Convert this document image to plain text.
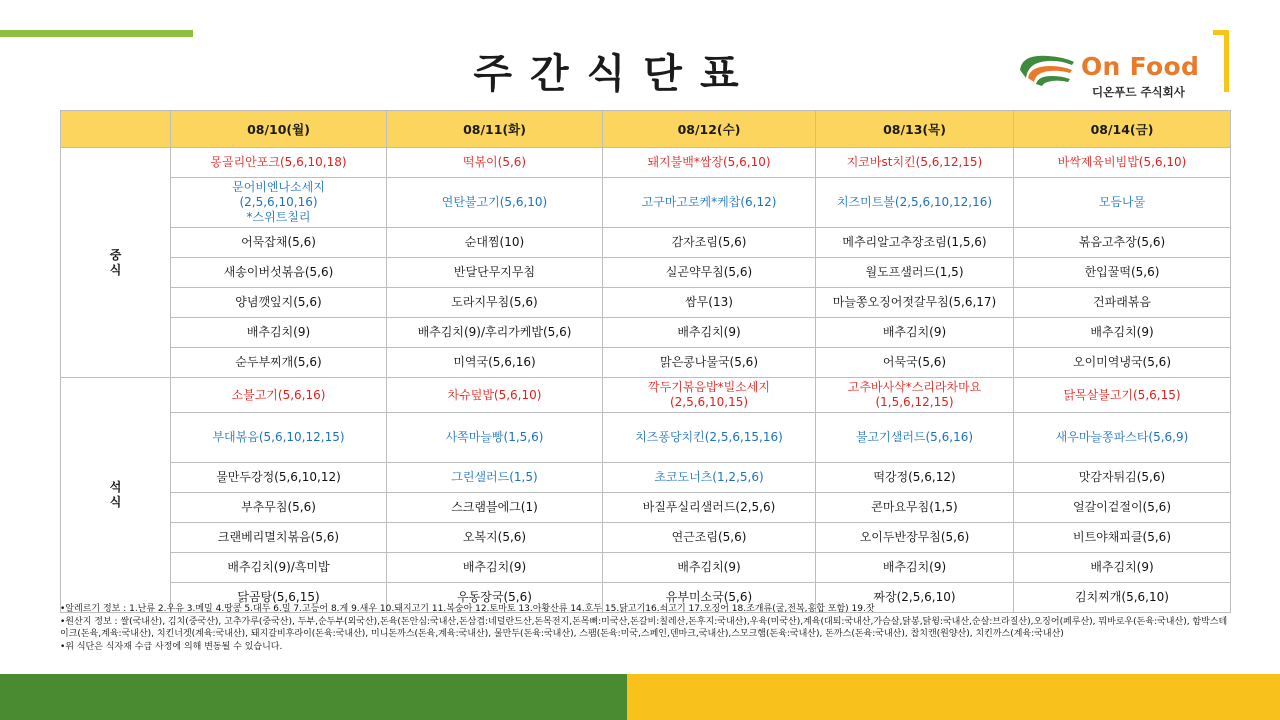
주간식단표	On Food
디온푸드 주식회사
	08/10(월)	08/11(화)	08/12(수)	08/13(목)	08/14(금)
중식	몽골리안포크(5,6,10,18)	떡볶이(5,6)	돼지불백*쌈장(5,6,10)	지코바st치킨(5,6,12,15)	바싹제육비빔밥(5,6,10)
	문어비엔나소세지
(2,5,6,10,16)
*스위트칠리	연탄불고기(5,6,10)	고구마고로케*케찹(6,12)	치즈미트볼(2,5,6,10,12,16)	모듬나물
	어묵잡채(5,6)	순대찜(10)	감자조림(5,6)	메추리알고추장조림(1,5,6)	볶음고추장(5,6)
	새송이버섯볶음(5,6)	반달단무지무침	실곤약무침(5,6)	월도프샐러드(1,5)	한입꿀떡(5,6)
	양념깻잎지(5,6)	도라지무침(5,6)	쌈무(13)	마늘쫑오징어젓갈무침(5,6,17)	건파래볶음
	배추김치(9)	배추김치(9)/후리가케밥(5,6)	배추김치(9)	배추김치(9)	배추김치(9)
	순두부찌개(5,6)	미역국(5,6,16)	맑은콩나물국(5,6)	어묵국(5,6)	오이미역냉국(5,6)
석식	소불고기(5,6,16)	차슈덮밥(5,6,10)	깍두기볶음밥*빌소세지
(2,5,6,10,15)	고추바사삭*스리라차마요
(1,5,6,12,15)	닭목살불고기(5,6,15)
	부대볶음(5,6,10,12,15)	사쪽마늘빵(1,5,6)	치즈퐁당치킨(2,5,6,15,16)	불고기샐러드(5,6,16)	새우마늘쫑파스타(5,6,9)
	물만두강정(5,6,10,12)	그린샐러드(1,5)	초코도너츠(1,2,5,6)	떡강정(5,6,12)	맛감자튀김(5,6)
	부추무침(5,6)	스크램블에그(1)	바질푸실리샐러드(2,5,6)	콘마요무침(1,5)	얼갈이겉절이(5,6)
	크랜베리멸치볶음(5,6)	오복지(5,6)	연근조림(5,6)	오이두반장무침(5,6)	비트야채피클(5,6)
	배추김치(9)/흑미밥	배추김치(9)	배추김치(9)	배추김치(9)	배추김치(9)
	닭곰탕(5,6,15)	우동장국(5,6)	유부미소국(5,6)	짜장(2,5,6,10)	김치찌개(5,6,10)

•알레르기 정보 : 1.난류 2.우유 3.메밀 4.땅콩 5.대두 6.밀 7.고등어 8.게 9.새우 10.돼지고기 11.복숭아 12.토마토 13.아황산류 14.호두 15.닭고기16.쇠고기 17.오징어 18.조개류(굴,전복,홍합 포함) 19.잣

•원산지 정보 : 쌀(국내산), 김치(중국산), 고추가루(중국산), 두부,순두부(외국산),돈육(돈안심:국내산,돈삼겹:네덜란드산,돈목전지,돈목뼈:미국산,돈갈비:칠레산,돈후지:국내산),우육(미국산),계육(대퇴:국내산,가슴살,닭봉,닭윙:국내산,순살:브라질산),오징어(페루산), 뭐바로우(돈육:국내산), 함박스테이크(돈육,계육:국내산), 치킨너겟(계육:국내산), 돼지갈비후라이(돈육:국내산), 미니돈까스(돈육,계육:국내산), 물만두(돈육:국내산), 스팸(돈육:미국,스페인,덴마크,국내산),스모크햄(돈육:국내산), 돈까스(돈육:국내산), 찹치캔(원양산), 치킨까스(계육:국내산)

•위 식단은 식자재 수급 사정에 의해 변동될 수 있습니다.
